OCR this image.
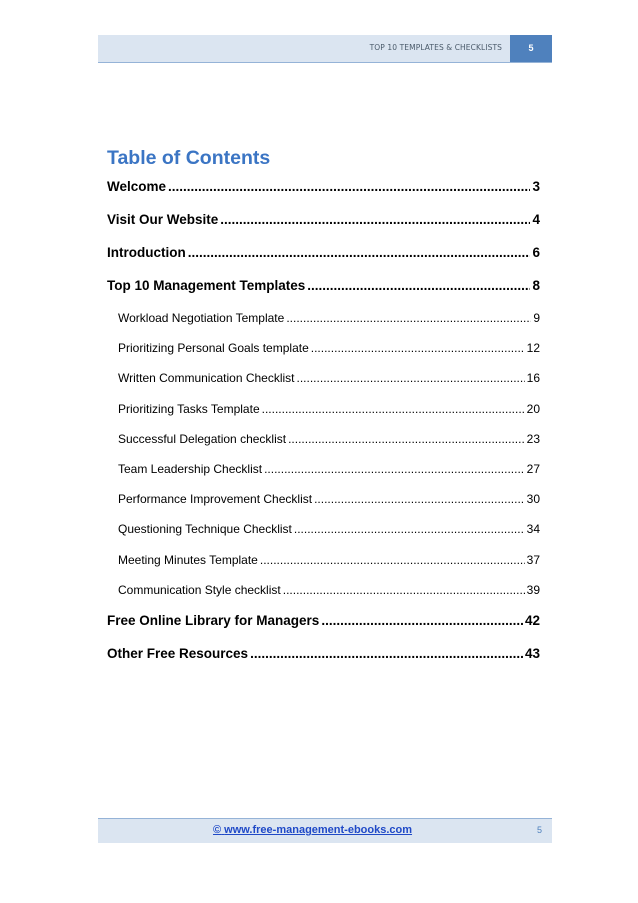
TOP 10 TEMPLATES & CHECKLISTS	5
Table of Contents
Welcome .....	3
Visit Our Website .....	4
Introduction .....	6
Top 10 Management Templates .....	8
Workload Negotiation Template .....	9
Prioritizing Personal Goals template .....	12
Written Communication Checklist .....	16
Prioritizing Tasks Template .....	20
Successful Delegation checklist .....	23
Team Leadership Checklist .....	27
Performance Improvement Checklist .....	30
Questioning Technique Checklist .....	34
Meeting Minutes Template .....	37
Communication Style checklist .....	39
Free Online Library for Managers .....	42
Other Free Resources .....	43
© www.free-management-ebooks.com	5
